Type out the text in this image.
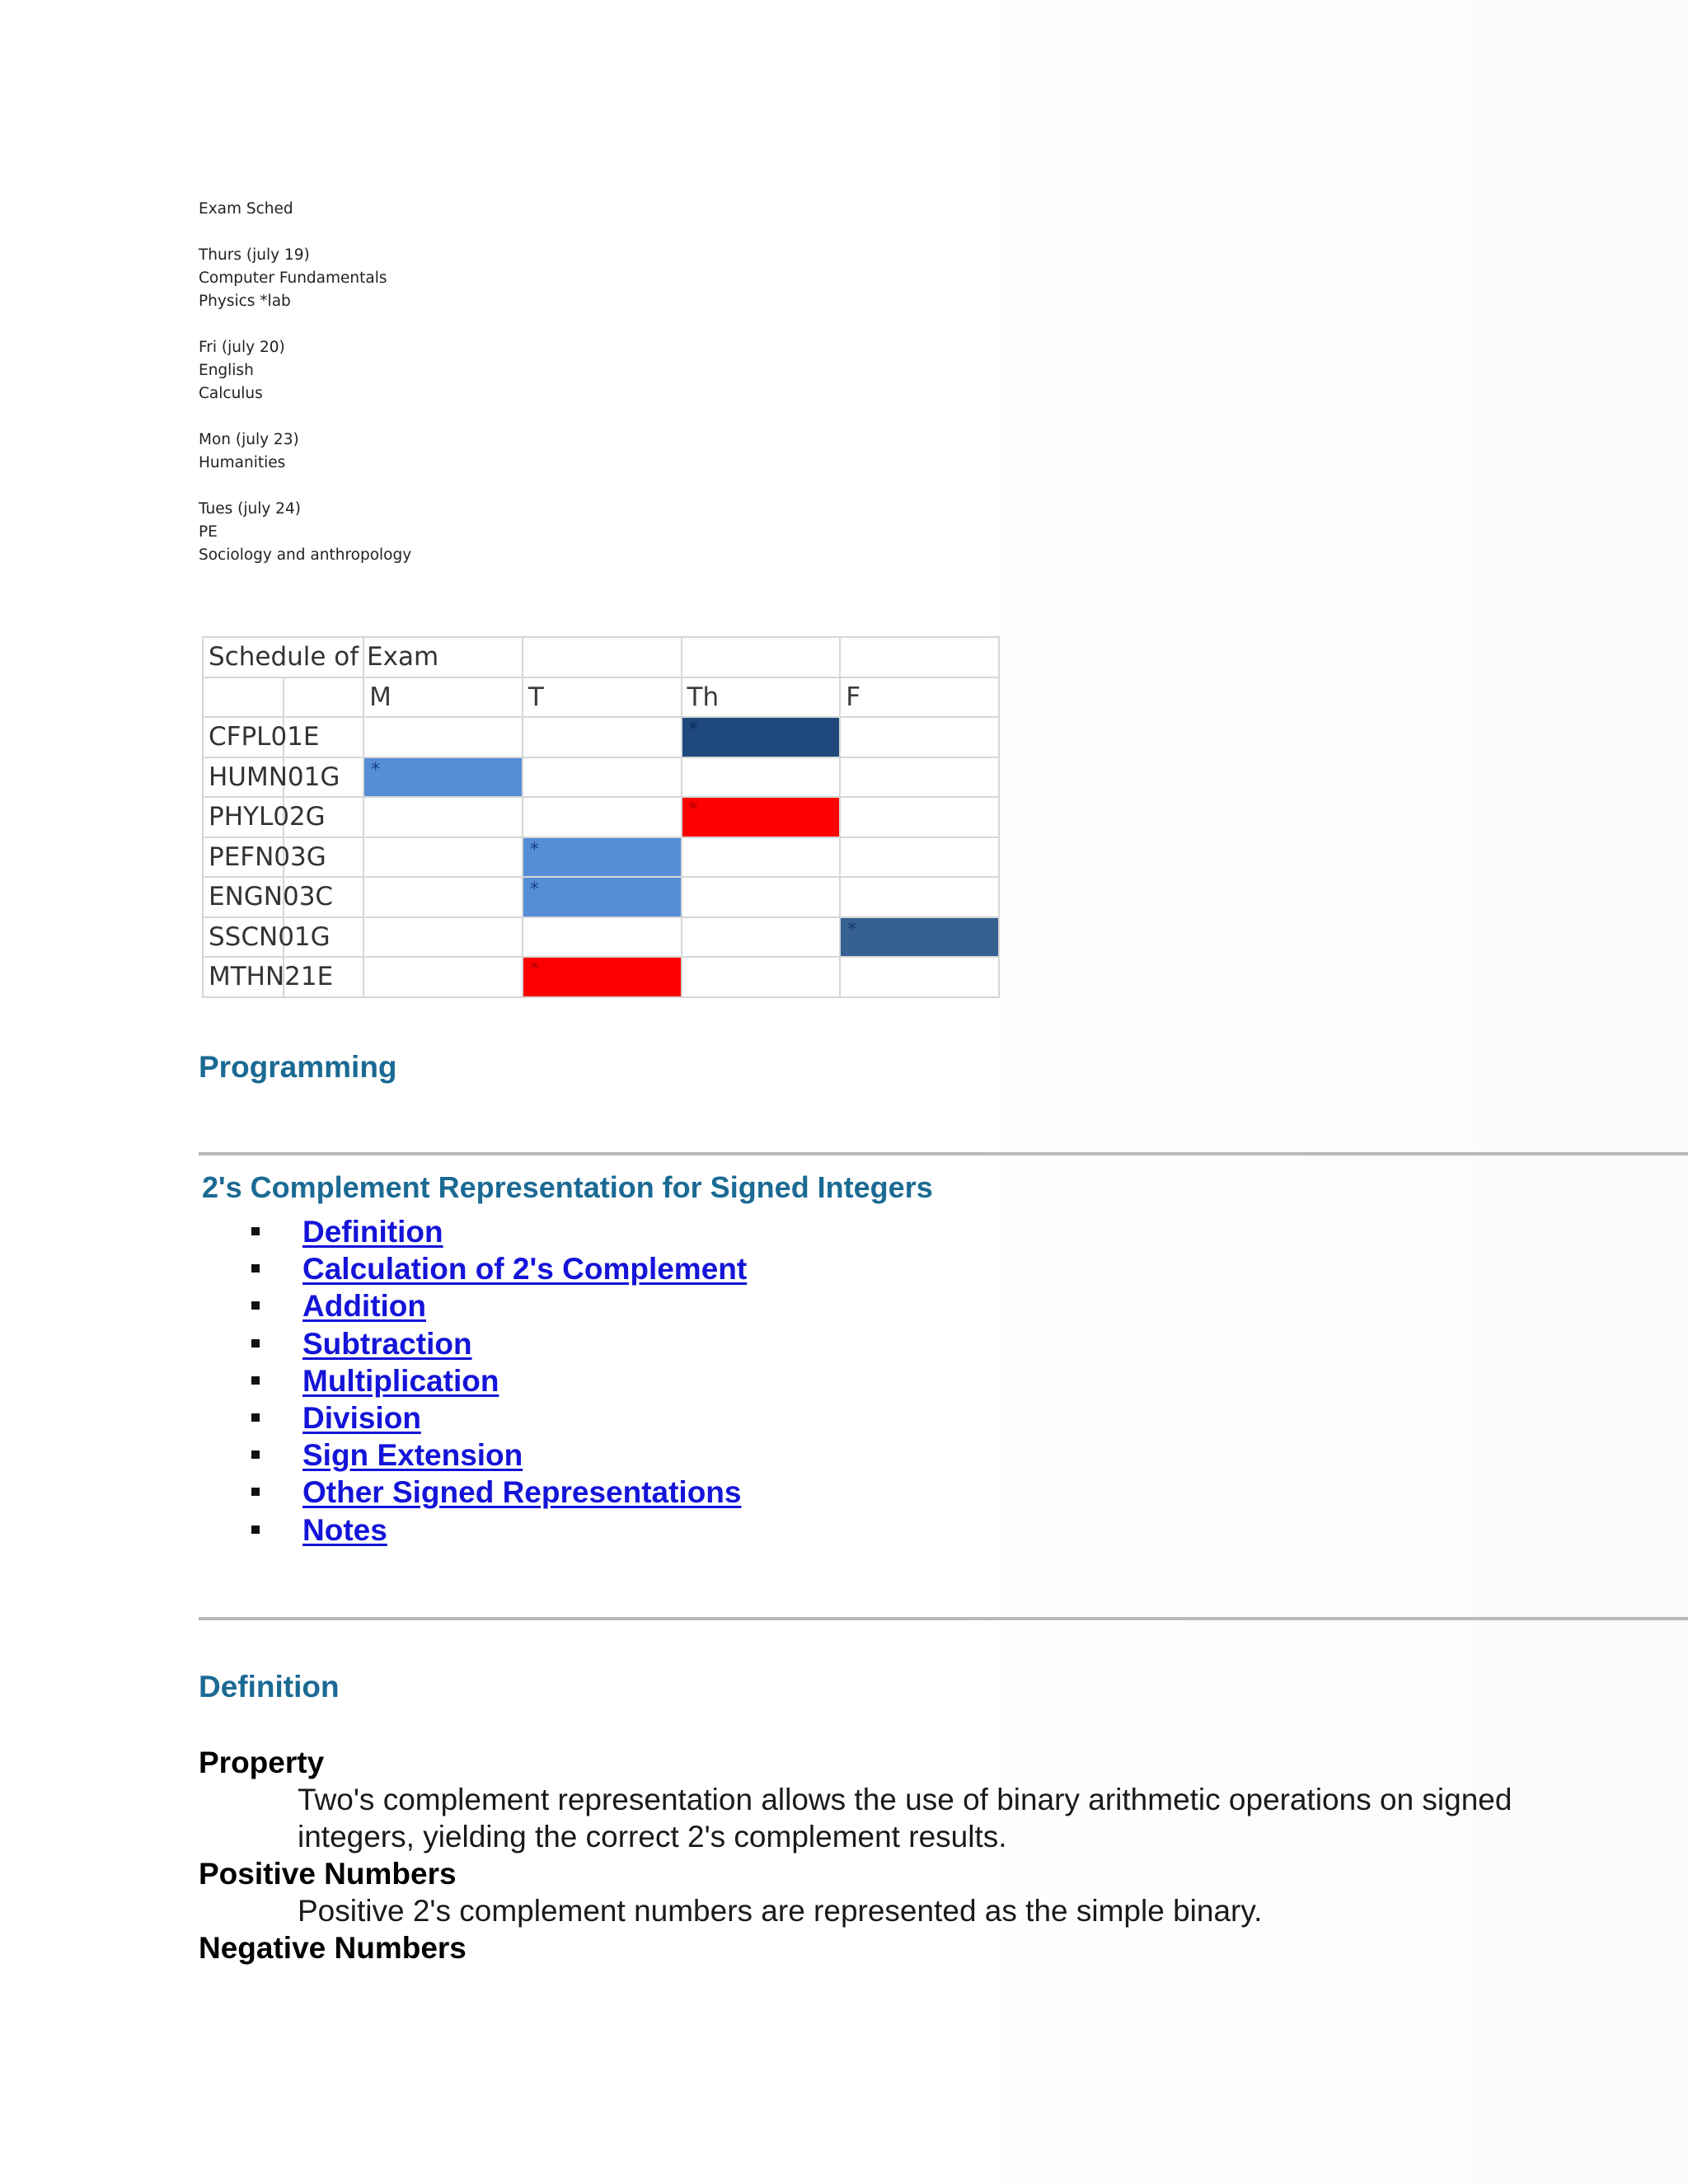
Exam Sched
Thurs (july 19)
Computer Fundamentals
Physics *lab
Fri (july 20)
English
Calculus
Mon (july 23)
Humanities
Tues (july 24)
PE
Sociology and anthropology
Schedule of Exam					
		M	T	Th	F
CFPL01E				*	

HUMN01G		*			

PHYL02G				*	

PEFN03G			*		

ENGN03C			*		

SSCN01G					*

MTHN21E			*		

Programming
2's Complement Representation for Signed Integers
Definition
Calculation of 2's Complement
Addition
Subtraction
Multiplication
Division
Sign Extension
Other Signed Representations
Notes
Definition
Property
Two's complement representation allows the use of binary arithmetic operations on signed integers, yielding the correct 2's complement results.
Positive Numbers
Positive 2's complement numbers are represented as the simple binary.
Negative Numbers
